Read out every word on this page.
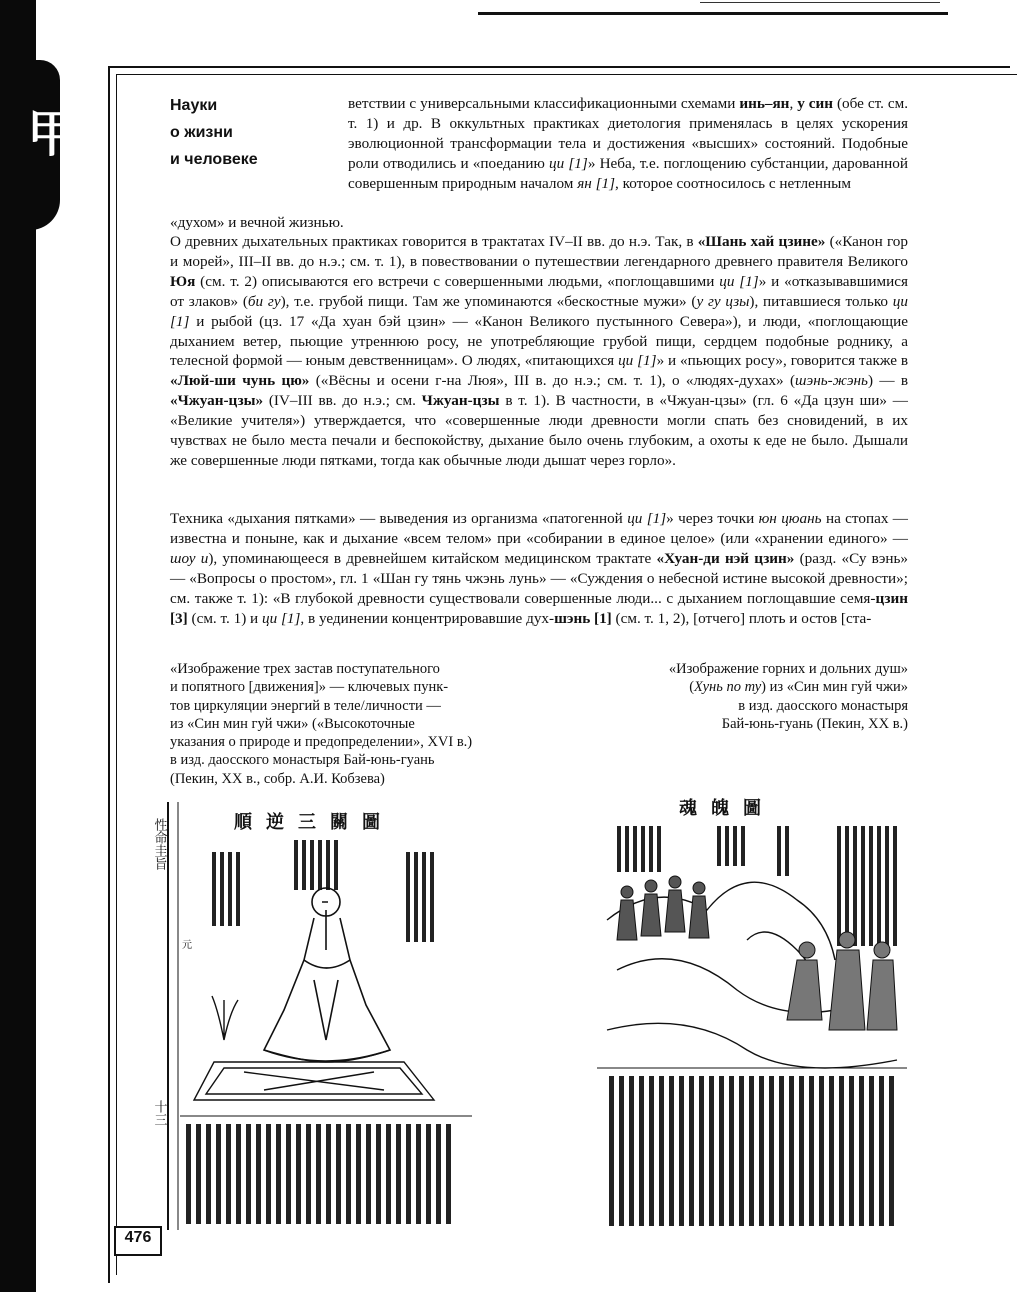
甲	Науки
о жизни
и человеке

ветствии с универсальными классификационными схемами инь–ян, у син (обе ст. см. т. 1) и др. В оккультных практиках диетология применялась в целях ускорения эволюционной трансформации тела и достижения «высших» состояний. Подобные роли отводились и «поеданию ци [1]» Неба, т.е. поглощению субстанции, дарованной совершенным природным началом ян [1], которое соотносилось с нетленным

«духом» и вечной жизнью.

О древних дыхательных практиках говорится в трактатах IV–II вв. до н.э. Так, в «Шань хай цзине» («Канон гор и морей», III–II вв. до н.э.; см. т. 1), в повествовании о путешествии легендарного древнего правителя Великого Юя (см. т. 2) описываются его встречи с совершенными людьми, «поглощавшими ци [1]» и «отказывавшимися от злаков» (би гу), т.е. грубой пищи. Там же упоминаются «бескостные мужи» (у гу цзы), питавшиеся только ци [1] и рыбой (цз. 17 «Да хуан бэй цзин» — «Канон Великого пустынного Севера»), и люди, «поглощающие дыханием ветер, пьющие утреннюю росу, не употребляющие грубой пищи, сердцем подобные роднику, а телесной формой — юным девственницам». О людях, «питающихся ци [1]» и «пьющих росу», говорится также в «Люй-ши чунь цю» («Вёсны и осени г-на Люя», III в. до н.э.; см. т. 1), о «людях-духах» (шэнь-жэнь) — в «Чжуан-цзы» (IV–III вв. до н.э.; см. Чжуан-цзы в т. 1). В частности, в «Чжуан-цзы» (гл. 6 «Да цзун ши» — «Великие учителя») утверждается, что «совершенные люди древности могли спать без сновидений, в их чувствах не было места печали и беспокойству, дыхание было очень глубоким, а охоты к еде не было. Дышали же совершенные люди пятками, тогда как обычные люди дышат через горло».

Техника «дыхания пятками» — выведения из организма «патогенной ци [1]» через точки юн цюань на стопах — известна и поныне, как и дыхание «всем телом» при «собирании в единое целое» (или «хранении единого» — шоу и), упоминающееся в древнейшем китайском медицинском трактате «Хуан-ди нэй цзин» (разд. «Су вэнь» — «Вопросы о простом», гл. 1 «Шан гу тянь чжэнь лунь» — «Суждения о небесной истине высокой древности»; см. также т. 1): «В глубокой древности существовали совершенные люди... с дыханием поглощавшие семя-цзин [3] (см. т. 1) и ци [1], в уединении концентрировавшие дух-шэнь [1] (см. т. 1, 2), [отчего] плоть и остов [ста-

«Изображение трех застав поступательного
и попятного [движения]» — ключевых пунк-
тов циркуляции энергий в теле/личности —
из «Син мин гуй чжи» («Высокоточные
указания о природе и предопределении», XVI в.)
в изд. даосского монастыря Бай-юнь-гуань
(Пекин, XX в., собр. А.И. Кобзева)

«Изображение горних и дольних душ»
(Хунь по ту) из «Син мин гуй чжи»
в изд. даосского монастыря
Бай-юнь-гуань (Пекин, XX в.)

順逆三關圖
性命圭旨
元
十三
魂魄圖
476
